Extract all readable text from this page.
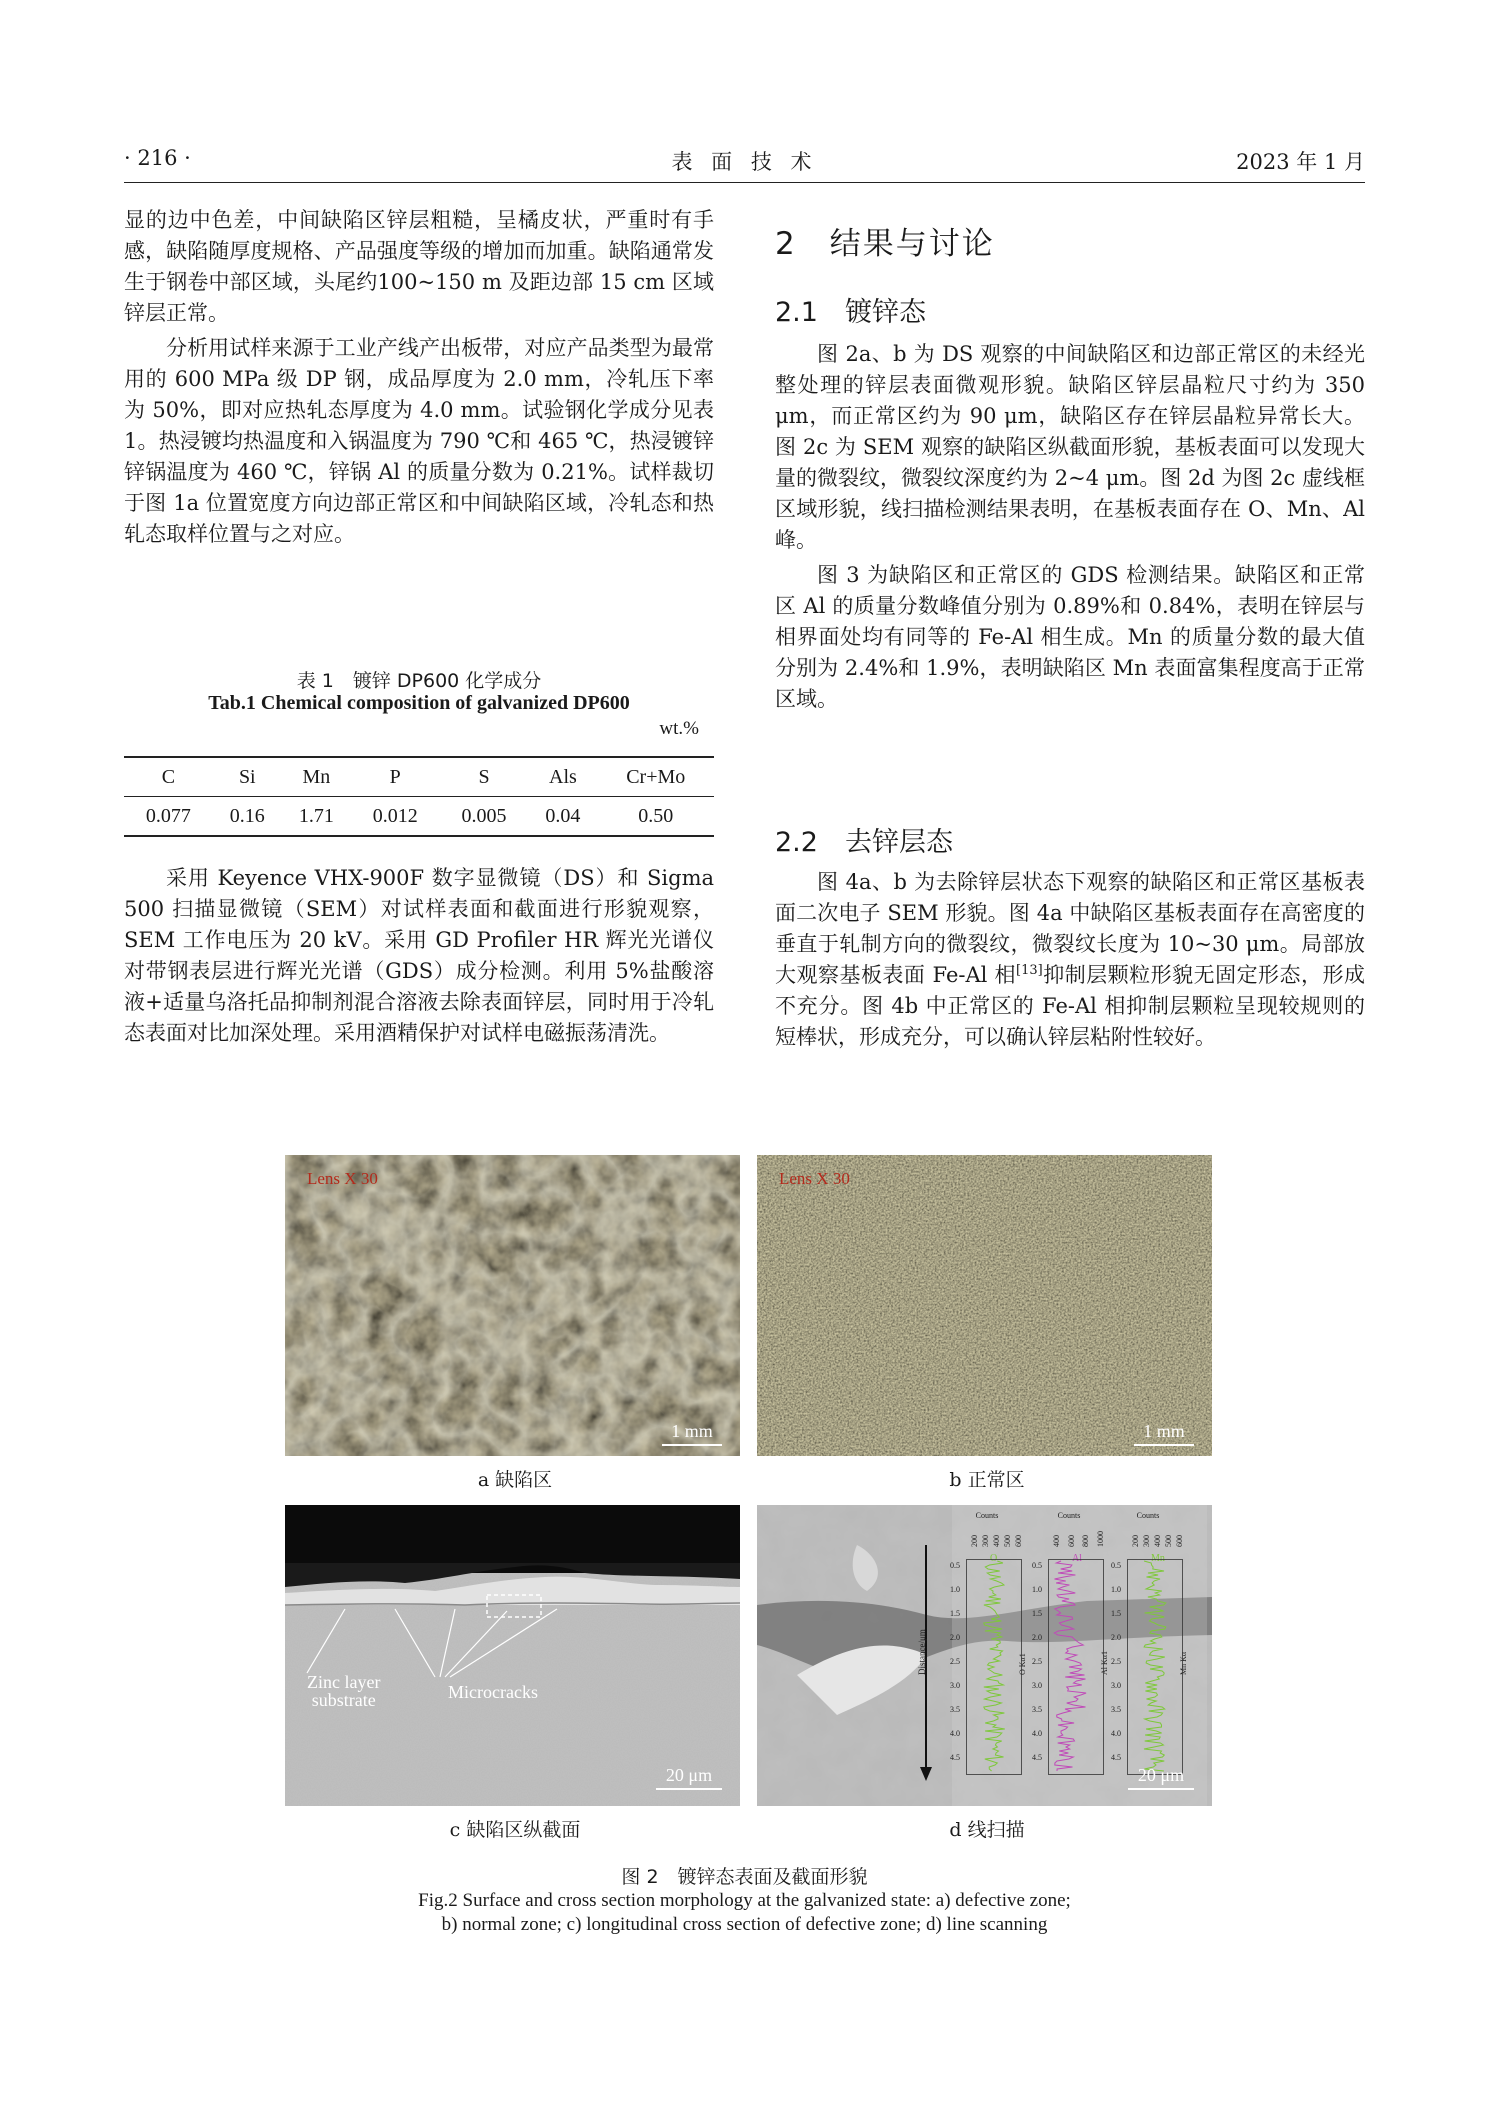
· 216 ·	表 面 技 术	2023 年 1 月

显的边中色差，中间缺陷区锌层粗糙，呈橘皮状，严重时有手感，缺陷随厚度规格、产品强度等级的增加而加重。缺陷通常发生于钢卷中部区域，头尾约100~150 m 及距边部 15 cm 区域锌层正常。

分析用试样来源于工业产线产出板带，对应产品类型为最常用的 600 MPa 级 DP 钢，成品厚度为 2.0 mm，冷轧压下率为 50%，即对应热轧态厚度为 4.0 mm。试验钢化学成分见表 1。热浸镀均热温度和入锅温度为 790 ℃和 465 ℃，热浸镀锌锌锅温度为 460 ℃，锌锅 Al 的质量分数为 0.21%。试样裁切于图 1a 位置宽度方向边部正常区和中间缺陷区域，冷轧态和热轧态取样位置与之对应。

表 1　镀锌 DP600 化学成分
Tab.1 Chemical composition of galvanized DP600
wt.%
C	Si	Mn	P	S	Als	Cr+Mo
0.077	0.16	1.71	0.012	0.005	0.04	0.50

采用 Keyence VHX-900F 数字显微镜（DS）和 Sigma 500 扫描显微镜（SEM）对试样表面和截面进行形貌观察，SEM 工作电压为 20 kV。采用 GD Profiler HR 辉光光谱仪对带钢表层进行辉光光谱（GDS）成分检测。利用 5%盐酸溶液+适量乌洛托品抑制剂混合溶液去除表面锌层，同时用于冷轧态表面对比加深处理。采用酒精保护对试样电磁振荡清洗。

2　结果与讨论
2.1　镀锌态

图 2a、b 为 DS 观察的中间缺陷区和边部正常区的未经光整处理的锌层表面微观形貌。缺陷区锌层晶粒尺寸约为 350 μm，而正常区约为 90 μm，缺陷区存在锌层晶粒异常长大。图 2c 为 SEM 观察的缺陷区纵截面形貌，基板表面可以发现大量的微裂纹，微裂纹深度约为 2~4 μm。图 2d 为图 2c 虚线框区域形貌，线扫描检测结果表明，在基板表面存在 O、Mn、Al 峰。

图 3 为缺陷区和正常区的 GDS 检测结果。缺陷区和正常区 Al 的质量分数峰值分别为 0.89%和 0.84%，表明在锌层与相界面处均有同等的 Fe-Al 相生成。Mn 的质量分数的最大值分别为 2.4%和 1.9%，表明缺陷区 Mn 表面富集程度高于正常区域。

2.2　去锌层态

图 4a、b 为去除锌层状态下观察的缺陷区和正常区基板表面二次电子 SEM 形貌。图 4a 中缺陷区基板表面存在高密度的垂直于轧制方向的微裂纹，微裂纹长度为 10~30 μm。局部放大观察基板表面 Fe-Al 相[13]抑制层颗粒形貌无固定形态，形成不充分。图 4b 中正常区的 Fe-Al 相抑制层颗粒呈现较规则的短棒状，形成充分，可以确认锌层粘附性较好。

Lens X 30
1 mm
a 缺陷区
Lens X 30
1 mm
b 正常区
Zinc layer
substrate	Microcracks
20 μm
c 缺陷区纵截面
Distance/μm
Counts
200 300 400 500 600
O
0.5
1.0
1.5
2.0
2.5
3.0
3.5
4.0
4.5
O Kα1
Counts
400 600 800 1000
Al
0.5
1.0
1.5
2.0
2.5
3.0
3.5
4.0
4.5
Al Kα1
Counts
200 300 400 500 600
Mn
0.5
1.0
1.5
2.0
2.5
3.0
3.5
4.0
4.5
Mn Kα
20 μm
d 线扫描
图 2　镀锌态表面及截面形貌
Fig.2 Surface and cross section morphology at the galvanized state: a) defective zone;
b) normal zone; c) longitudinal cross section of defective zone; d) line scanning
